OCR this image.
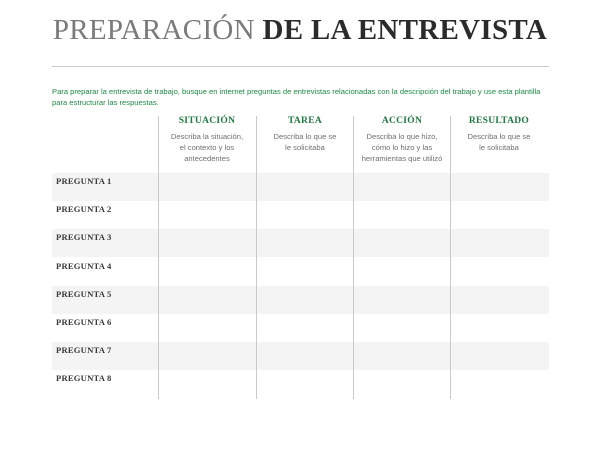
PREPARACIÓN DE LA ENTREVISTA
Para preparar la entrevista de trabajo, busque en internet preguntas de entrevistas relacionadas con la descripción del trabajo y use esta plantilla para estructurar las respuestas.
SITUACIÓN
Describa la situación, el contexto y los antecedentes
TAREA
Describa lo que se le solicitaba
ACCIÓN
Describa lo que hizo, cómo lo hizo y las herramientas que utilizó
RESULTADO
Describa lo que se le solicitaba
PREGUNTA 1
PREGUNTA 2
PREGUNTA 3
PREGUNTA 4
PREGUNTA 5
PREGUNTA 6
PREGUNTA 7
PREGUNTA 8
